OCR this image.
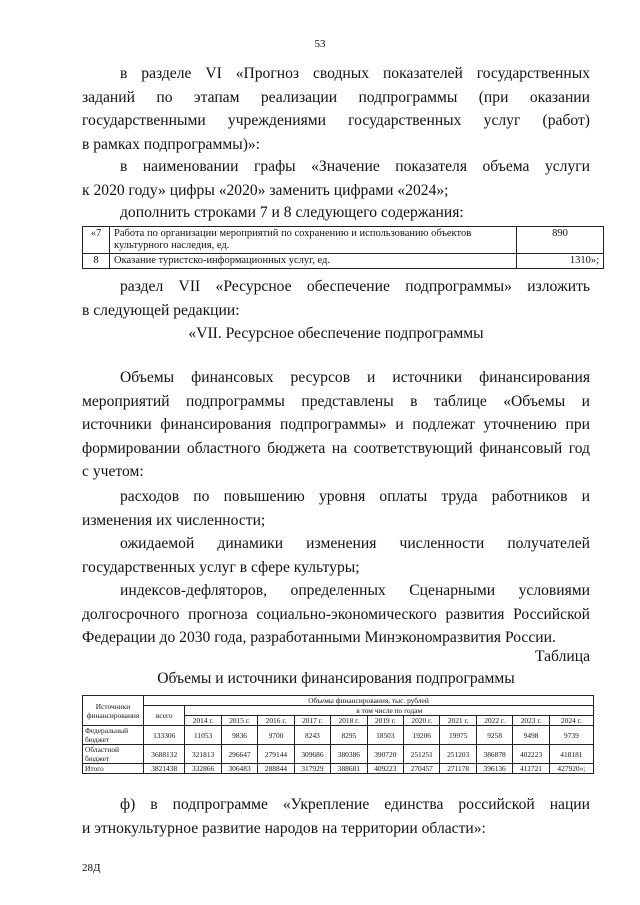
53
в разделе VI «Прогноз сводных показателей государственных
заданий по этапам реализации подпрограммы (при оказании
государственными учреждениями государственных услуг (работ)
в рамках подпрограммы)»:
в наименовании графы «Значение показателя объема услуги
к 2020 году» цифры «2020» заменить цифрами «2024»;
дополнить строками 7 и 8 следующего содержания:
«7	Работа по организации мероприятий по сохранению и использованию объектов культурного наследия, ед.	890
8	Оказание туристско-информационных услуг, ед.	1310»;
раздел VII «Ресурсное обеспечение подпрограммы» изложить
в следующей редакции:
«VII. Ресурсное обеспечение подпрограммы
Объемы финансовых ресурсов и источники финансирования
мероприятий подпрограммы представлены в таблице «Объемы и
источники финансирования подпрограммы» и подлежат уточнению при
формировании областного бюджета на соответствующий финансовый год
с учетом:
расходов по повышению уровня оплаты труда работников и
изменения их численности;
ожидаемой динамики изменения численности получателей
государственных услуг в сфере культуры;
индексов-дефляторов, определенных Сценарными условиями
долгосрочного прогноза социально-экономического развития Российской
Федерации до 2030 года, разработанными Минэкономразвития России.
Таблица
Объемы и источники финансирования подпрограммы
Источники финансирования	Объемы финансирования, тыс. рублей											
	всего	в том числе по годам										
		2014 г.	2015 г.	2016 г.	2017 г.	2018 г.	2019 г.	2020 г.	2021 г.	2022 г.	2023 г.	2024 г.
Федеральный бюджет	133306	11053	9836	9700	8243	8295	18503	19206	19975	9258	9498	9739
Областной бюджет	3688132	321813	296647	279144	309686	380386	390720	251251	251203	386878	402223	418181
Итого	3821438	332866	306483	288844	317929	388681	409223	270457	271178	396136	411721	427920»;
ф) в подпрограмме «Укрепление единства российской нации
и этнокультурное развитие народов на территории области»:
28Д
